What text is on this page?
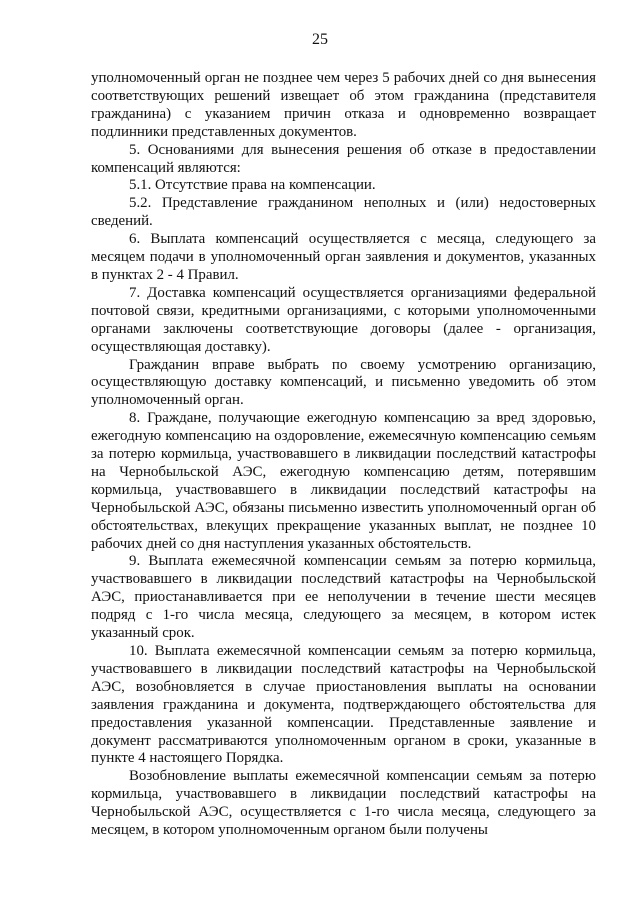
25

уполномоченный орган не позднее чем через 5 рабочих дней со дня вынесения соответствующих решений извещает об этом гражданина (представителя гражданина) с указанием причин отказа и одновременно возвращает подлинники представленных документов.

5. Основаниями для вынесения решения об отказе в предоставлении компенсаций являются:

5.1. Отсутствие права на компенсации.

5.2. Представление гражданином неполных и (или) недостоверных сведений.

6. Выплата компенсаций осуществляется с месяца, следующего за месяцем подачи в уполномоченный орган заявления и документов, указанных в пунктах 2 - 4 Правил.

7. Доставка компенсаций осуществляется организациями федеральной почтовой связи, кредитными организациями, с которыми уполномоченными органами заключены соответствующие договоры (далее - организация, осуществляющая доставку).

Гражданин вправе выбрать по своему усмотрению организацию, осуществляющую доставку компенсаций, и письменно уведомить об этом уполномоченный орган.

8. Граждане, получающие ежегодную компенсацию за вред здоровью, ежегодную компенсацию на оздоровление, ежемесячную компенсацию семьям за потерю кормильца, участвовавшего в ликвидации последствий катастрофы на Чернобыльской АЭС, ежегодную компенсацию детям, потерявшим кормильца, участвовавшего в ликвидации последствий катастрофы на Чернобыльской АЭС, обязаны письменно известить уполномоченный орган об обстоятельствах, влекущих прекращение указанных выплат, не позднее 10 рабочих дней со дня наступления указанных обстоятельств.

9. Выплата ежемесячной компенсации семьям за потерю кормильца, участвовавшего в ликвидации последствий катастрофы на Чернобыльской АЭС, приостанавливается при ее неполучении в течение шести месяцев подряд с 1-го числа месяца, следующего за месяцем, в котором истек указанный срок.

10. Выплата ежемесячной компенсации семьям за потерю кормильца, участвовавшего в ликвидации последствий катастрофы на Чернобыльской АЭС, возобновляется в случае приостановления выплаты на основании заявления гражданина и документа, подтверждающего обстоятельства для предоставления указанной компенсации. Представленные заявление и документ рассматриваются уполномоченным органом в сроки, указанные в пункте 4 настоящего Порядка.

Возобновление выплаты ежемесячной компенсации семьям за потерю кормильца, участвовавшего в ликвидации последствий катастрофы на Чернобыльской АЭС, осуществляется с 1-го числа месяца, следующего за месяцем, в котором уполномоченным органом были получены
